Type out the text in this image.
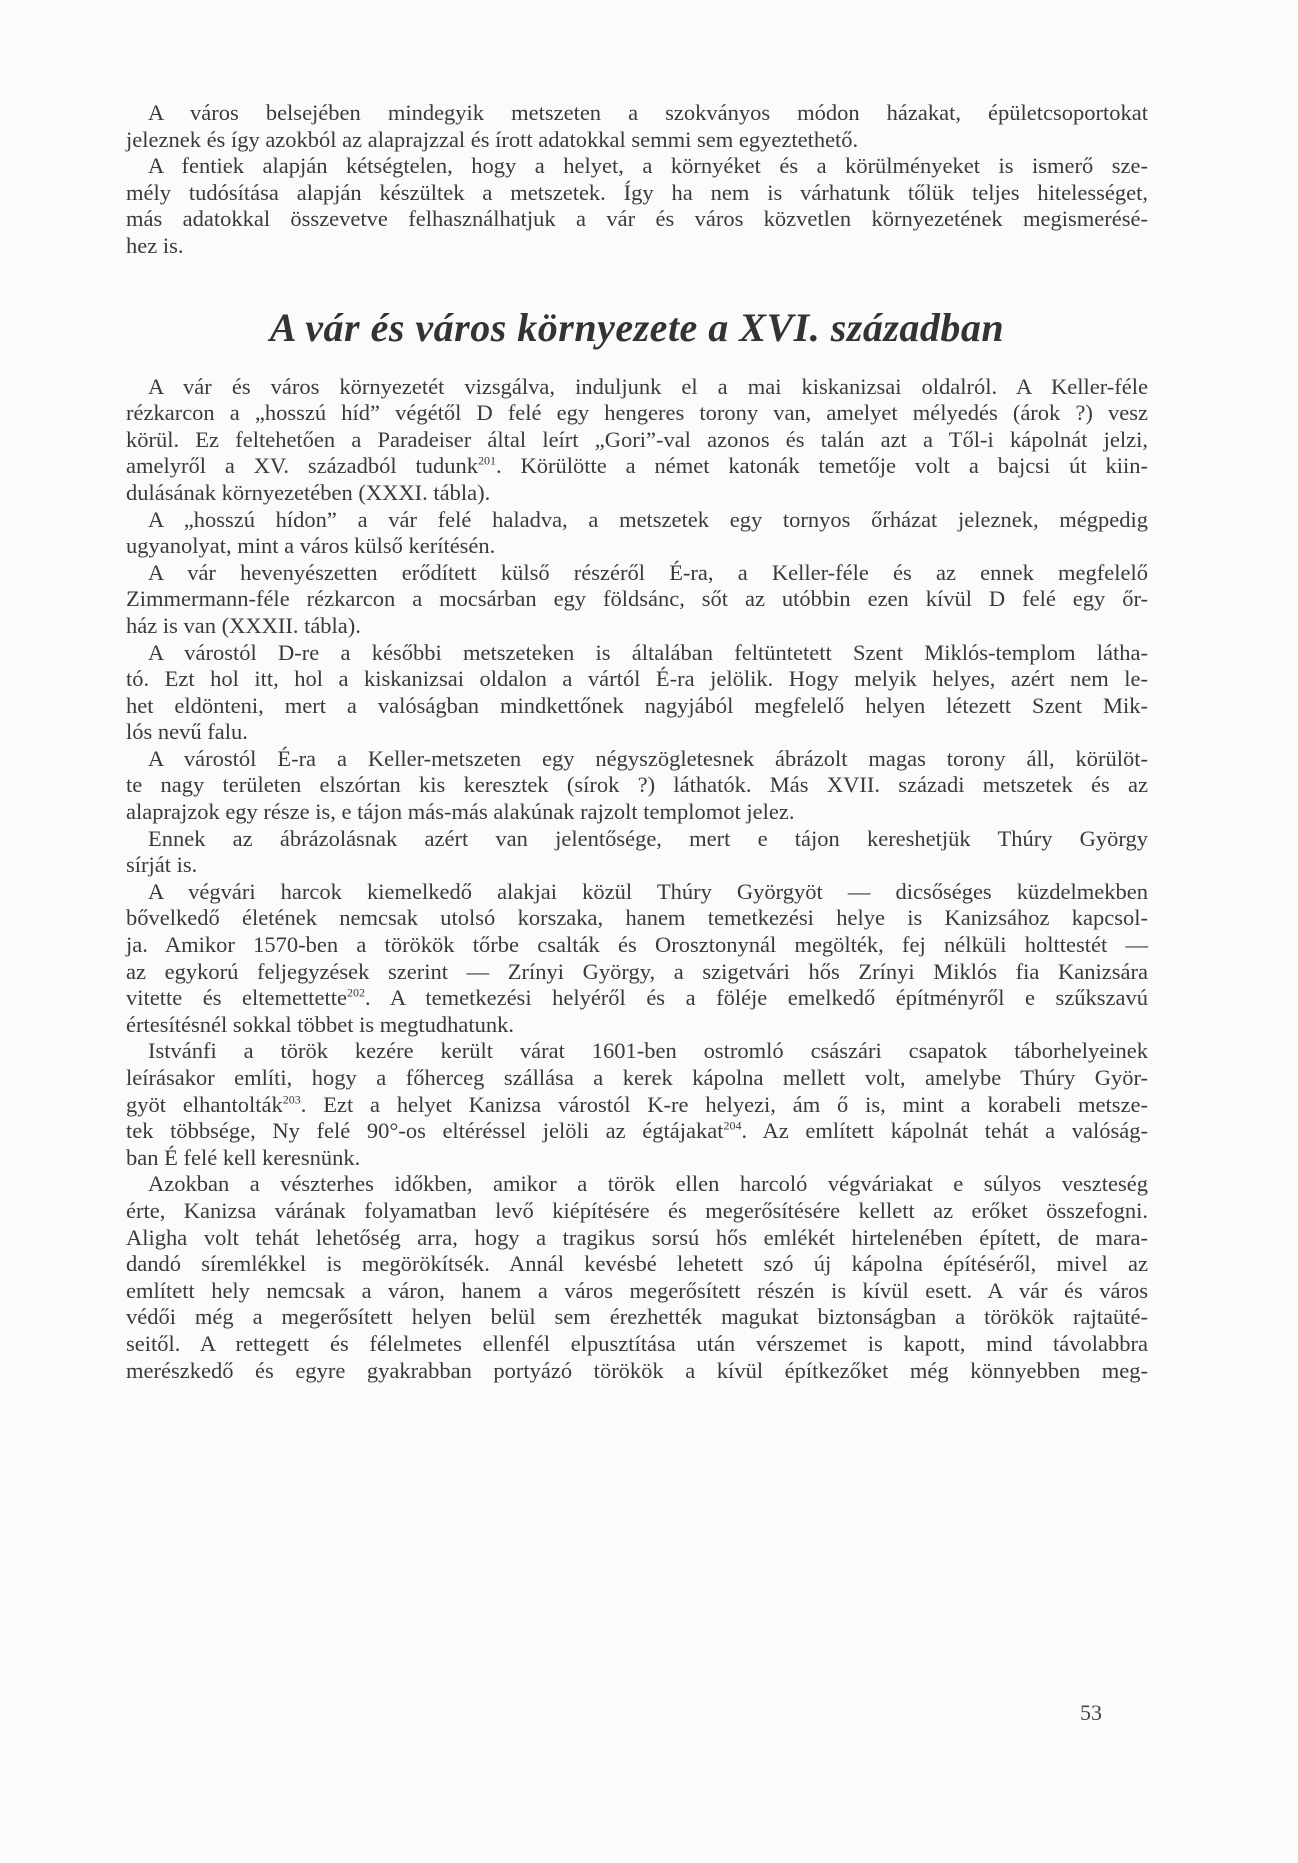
A város belsejében mindegyik metszeten a szokványos módon házakat, épületcsoportokat
jeleznek és így azokból az alaprajzzal és írott adatokkal semmi sem egyeztethető.
A fentiek alapján kétségtelen, hogy a helyet, a környéket és a körülményeket is ismerő sze-
mély tudósítása alapján készültek a metszetek. Így ha nem is várhatunk tőlük teljes hitelességet,
más adatokkal összevetve felhasználhatjuk a vár és város közvetlen környezetének megismerésé-
hez is.
A vár és város környezete a XVI. században
A vár és város környezetét vizsgálva, induljunk el a mai kiskanizsai oldalról. A Keller-féle
rézkarcon a „hosszú híd” végétől D felé egy hengeres torony van, amelyet mélyedés (árok ?) vesz
körül. Ez feltehetően a Paradeiser által leírt „Gori”-val azonos és talán azt a Től-i kápolnát jelzi,
amelyről a XV. századból tudunk$^{201}$. Körülötte a német katonák temetője volt a bajcsi út kiin-
dulásának környezetében (XXXI. tábla).
A „hosszú hídon” a vár felé haladva, a metszetek egy tornyos őrházat jeleznek, mégpedig
ugyanolyat, mint a város külső kerítésén.
A vár hevenyészetten erődített külső részéről É-ra, a Keller-féle és az ennek megfelelő
Zimmermann-féle rézkarcon a mocsárban egy földsánc, sőt az utóbbin ezen kívül D felé egy őr-
ház is van (XXXII. tábla).
A várostól D-re a későbbi metszeteken is általában feltüntetett Szent Miklós-templom látha-
tó. Ezt hol itt, hol a kiskanizsai oldalon a vártól É-ra jelölik. Hogy melyik helyes, azért nem le-
het eldönteni, mert a valóságban mindkettőnek nagyjából megfelelő helyen létezett Szent Mik-
lós nevű falu.
A várostól É-ra a Keller-metszeten egy négyszögletesnek ábrázolt magas torony áll, körülöt-
te nagy területen elszórtan kis keresztek (sírok ?) láthatók. Más XVII. századi metszetek és az
alaprajzok egy része is, e tájon más-más alakúnak rajzolt templomot jelez.
Ennek az ábrázolásnak azért van jelentősége, mert e tájon kereshetjük Thúry György
sírját is.
A végvári harcok kiemelkedő alakjai közül Thúry Györgyöt — dicsőséges küzdelmekben
bővelkedő életének nemcsak utolsó korszaka, hanem temetkezési helye is Kanizsához kapcsol-
ja. Amikor 1570-ben a törökök tőrbe csalták és Orosztonynál megölték, fej nélküli holttestét —
az egykorú feljegyzések szerint — Zrínyi György, a szigetvári hős Zrínyi Miklós fia Kanizsára
vitette és eltemettette$^{202}$. A temetkezési helyéről és a föléje emelkedő építményről e szűkszavú
értesítésnél sokkal többet is megtudhatunk.
Istvánfi a török kezére került várat 1601-ben ostromló császári csapatok táborhelyeinek
leírásakor említi, hogy a főherceg szállása a kerek kápolna mellett volt, amelybe Thúry Györ-
gyöt elhantolták$^{203}$. Ezt a helyet Kanizsa várostól K-re helyezi, ám ő is, mint a korabeli metsze-
tek többsége, Ny felé 90°-os eltéréssel jelöli az égtájakat$^{204}$. Az említett kápolnát tehát a valóság-
ban É felé kell keresnünk.
Azokban a vészterhes időkben, amikor a török ellen harcoló végváriakat e súlyos veszteség
érte, Kanizsa várának folyamatban levő kiépítésére és megerősítésére kellett az erőket összefogni.
Aligha volt tehát lehetőség arra, hogy a tragikus sorsú hős emlékét hirtelenében épített, de mara-
dandó síremlékkel is megörökítsék. Annál kevésbé lehetett szó új kápolna építéséről, mivel az
említett hely nemcsak a váron, hanem a város megerősített részén is kívül esett. A vár és város
védői még a megerősített helyen belül sem érezhették magukat biztonságban a törökök rajtaüté-
seitől. A rettegett és félelmetes ellenfél elpusztítása után vérszemet is kapott, mind távolabbra
merészkedő és egyre gyakrabban portyázó törökök a kívül építkezőket még könnyebben meg-
53
